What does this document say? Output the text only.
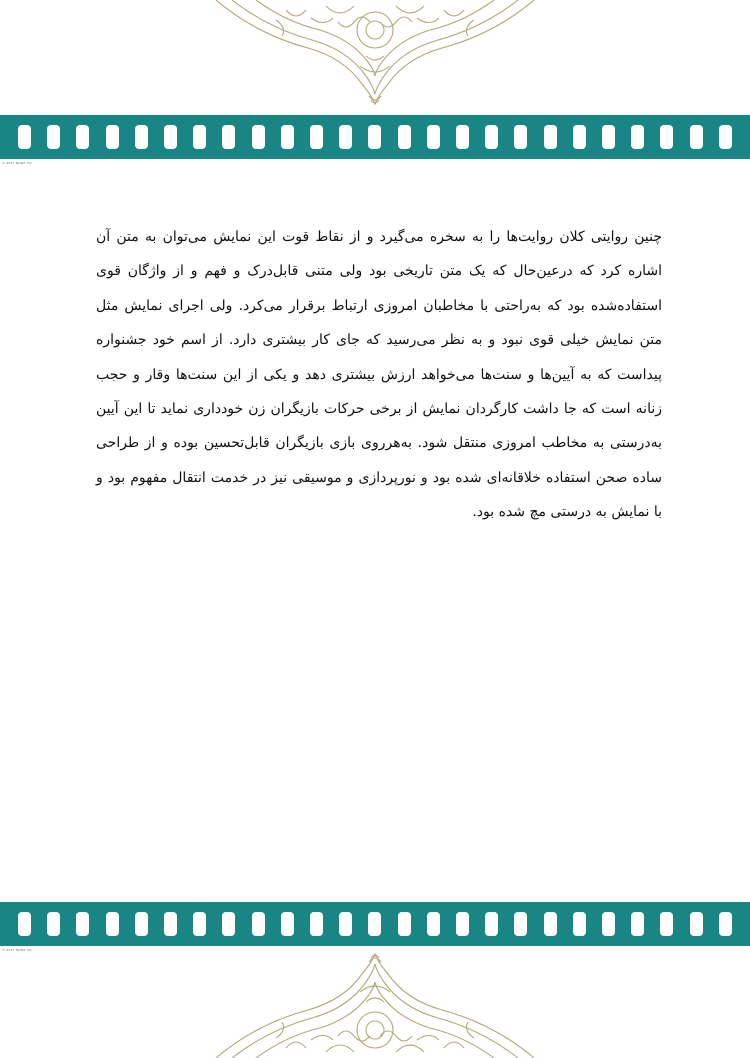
© 2017 NAMA CO

چنین روایتی کلان روایت‌ها را به سخره می‌گیرد و از نقاط قوت این نمایش می‌توان به متن آن اشاره کرد که درعین‌حال که یک متن تاریخی بود ولی متنی قابل‌درک و فهم و از واژگان قوی استفاده‌شده بود که به‌راحتی با مخاطبان امروزی ارتباط برقرار می‌کرد. ولی اجرای نمایش مثل متن نمایش خیلی قوی نبود و به نظر می‌رسید که جای کار بیشتری دارد. از اسم خود جشنواره پیداست که به آیین‌ها و سنت‌ها می‌خواهد ارزش بیشتری دهد و یکی از این سنت‌ها وقار و حجب زنانه است که جا داشت کارگردان نمایش از برخی حرکات بازیگران زن خودداری نماید تا این آیین به‌درستی به مخاطب امروزی منتقل شود. به‌هرروی بازی بازیگران قابل‌تحسین بوده و از طراحی ساده صحن استفاده خلاقانه‌ای شده بود و نورپردازی و موسیقی نیز در خدمت انتقال مفهوم بود و با نمایش به درستی مچ شده بود.

© 2017 NAMA CO
